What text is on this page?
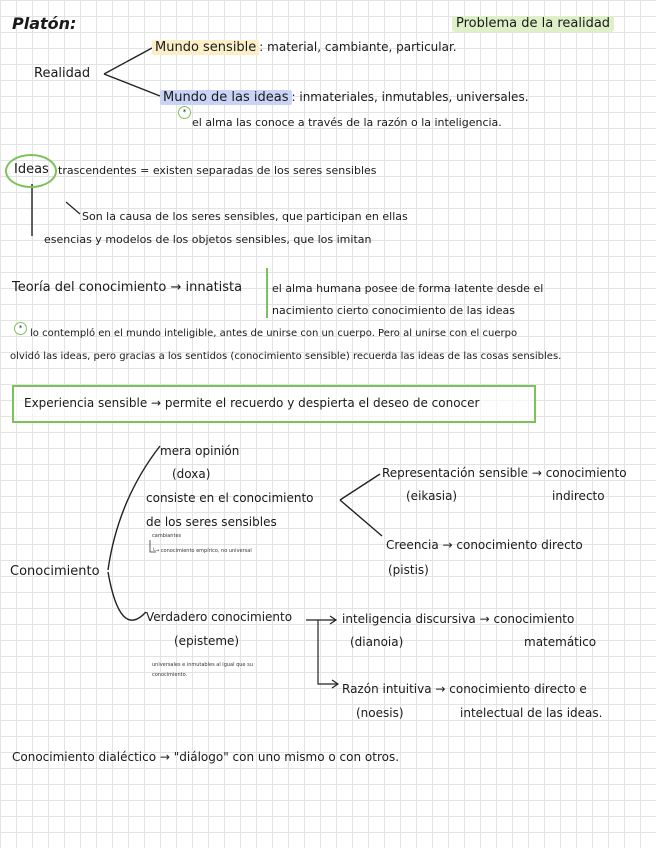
Platón:	Problema de la realidad
Realidad
Mundo sensible : material, cambiante, particular.
Mundo de las ideas : inmateriales, inmutables, universales.
*
el alma las conoce a través de la razón o la inteligencia.
Ideas trascendentes = existen separadas de los seres sensibles
Son la causa de los seres sensibles, que participan en ellas
esencias y modelos de los objetos sensibles, que los imitan
Teoría del conocimiento → innatista	el alma humana posee de forma latente desde el
nacimiento cierto conocimiento de las ideas
* lo contempló en el mundo inteligible, antes de unirse con un cuerpo. Pero al unirse con el cuerpo
olvidó las ideas, pero gracias a los sentidos (conocimiento sensible) recuerda las ideas de las cosas sensibles.
Experiencia sensible → permite el recuerdo y despierta el deseo de conocer
Conocimiento
mera opinión
(doxa)
consiste en el conocimiento
de los seres sensibles
cambiantes
└→ conocimiento empírico, no universal
Representación sensible → conocimiento
(eikasia)	indirecto
Creencia → conocimiento directo
(pistis)
Verdadero conocimiento
(episteme)
universales e inmutables al igual que su
conocimiento.
inteligencia discursiva → conocimiento
(dianoia)	matemático
Razón intuitiva → conocimiento directo e
(noesis)	intelectual de las ideas.
Conocimiento dialéctico → "diálogo" con uno mismo o con otros.
